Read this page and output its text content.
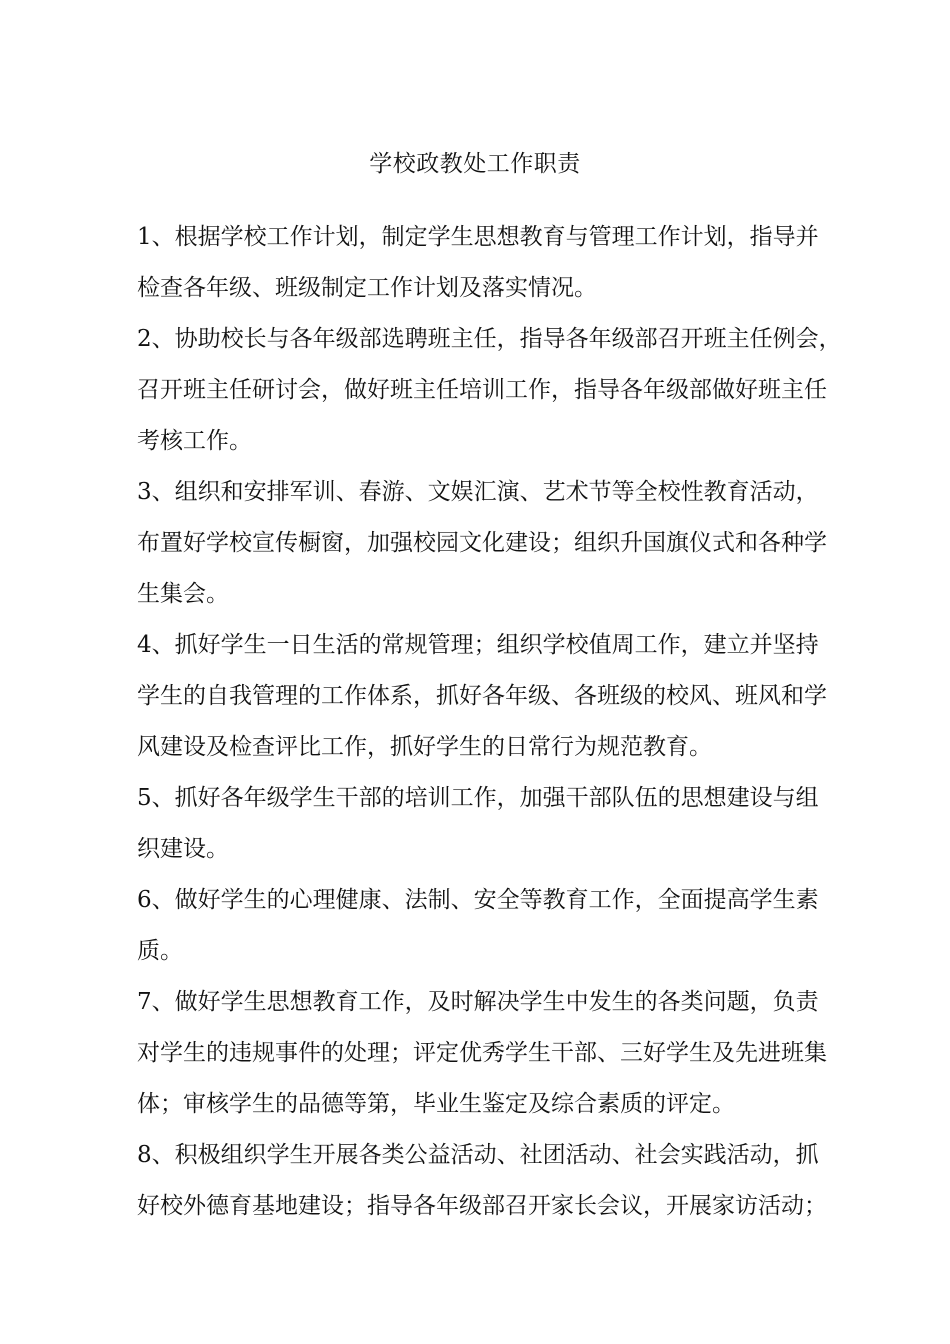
学校政教处工作职责

1、根据学校工作计划，制定学生思想教育与管理工作计划，指导并
检查各年级、班级制定工作计划及落实情况。

2、协助校长与各年级部选聘班主任，指导各年级部召开班主任例会，
召开班主任研讨会，做好班主任培训工作，指导各年级部做好班主任
考核工作。

3、组织和安排军训、春游、文娱汇演、艺术节等全校性教育活动，
布置好学校宣传橱窗，加强校园文化建设；组织升国旗仪式和各种学
生集会。

4、抓好学生一日生活的常规管理；组织学校值周工作，建立并坚持
学生的自我管理的工作体系，抓好各年级、各班级的校风、班风和学
风建设及检查评比工作，抓好学生的日常行为规范教育。

5、抓好各年级学生干部的培训工作，加强干部队伍的思想建设与组
织建设。

6、做好学生的心理健康、法制、安全等教育工作，全面提高学生素
质。

7、做好学生思想教育工作，及时解决学生中发生的各类问题，负责
对学生的违规事件的处理；评定优秀学生干部、三好学生及先进班集
体；审核学生的品德等第，毕业生鉴定及综合素质的评定。

8、积极组织学生开展各类公益活动、社团活动、社会实践活动，抓
好校外德育基地建设；指导各年级部召开家长会议，开展家访活动；
